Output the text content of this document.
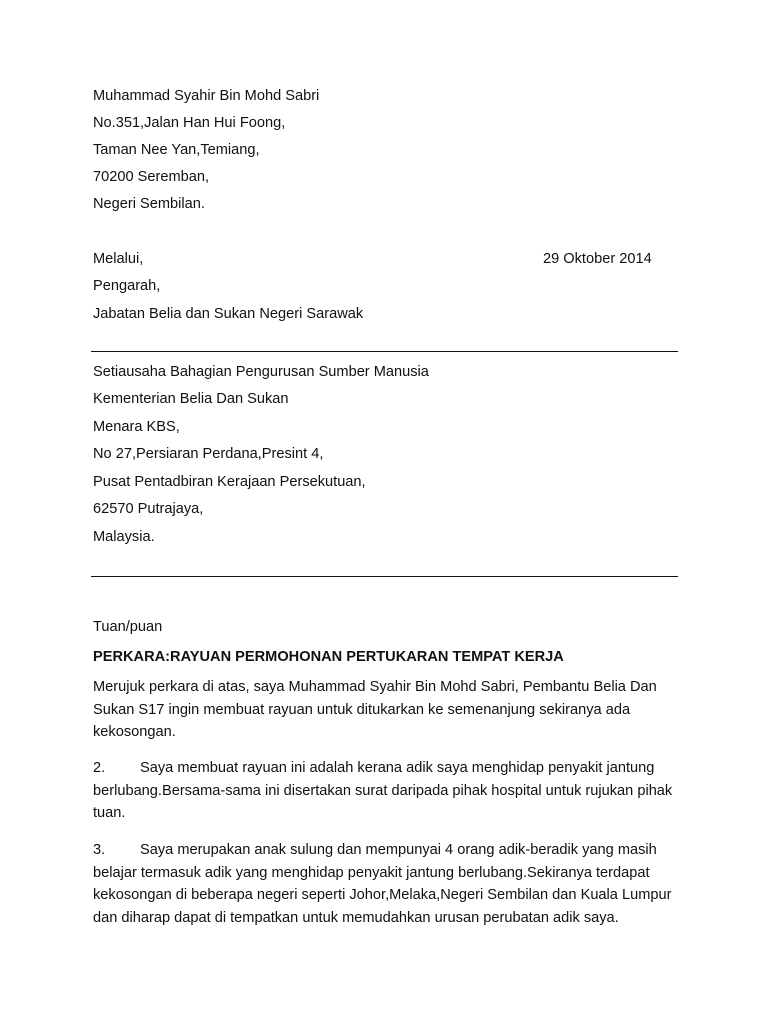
Muhammad Syahir Bin Mohd Sabri
No.351,Jalan Han Hui Foong,
Taman Nee Yan,Temiang,
70200 Seremban,
Negeri Sembilan.
Melalui,	29 Oktober 2014
Pengarah,
Jabatan Belia dan Sukan Negeri Sarawak
Setiausaha Bahagian Pengurusan Sumber Manusia
Kementerian Belia Dan Sukan
Menara KBS,
No 27,Persiaran Perdana,Presint 4,
Pusat Pentadbiran Kerajaan Persekutuan,
62570 Putrajaya,
Malaysia.
Tuan/puan
PERKARA:RAYUAN PERMOHONAN PERTUKARAN TEMPAT KERJA
Merujuk perkara di atas, saya Muhammad Syahir Bin Mohd Sabri, Pembantu Belia Dan
Sukan S17 ingin membuat rayuan untuk ditukarkan ke semenanjung sekiranya ada
kekosongan.
2. Saya membuat rayuan ini adalah kerana adik saya menghidap penyakit jantung
berlubang.Bersama-sama ini disertakan surat daripada pihak hospital untuk rujukan pihak
tuan.
3. Saya merupakan anak sulung dan mempunyai 4 orang adik-beradik yang masih
belajar termasuk adik yang menghidap penyakit jantung berlubang.Sekiranya terdapat
kekosongan di beberapa negeri seperti Johor,Melaka,Negeri Sembilan dan Kuala Lumpur
dan diharap dapat di tempatkan untuk memudahkan urusan perubatan adik saya.
